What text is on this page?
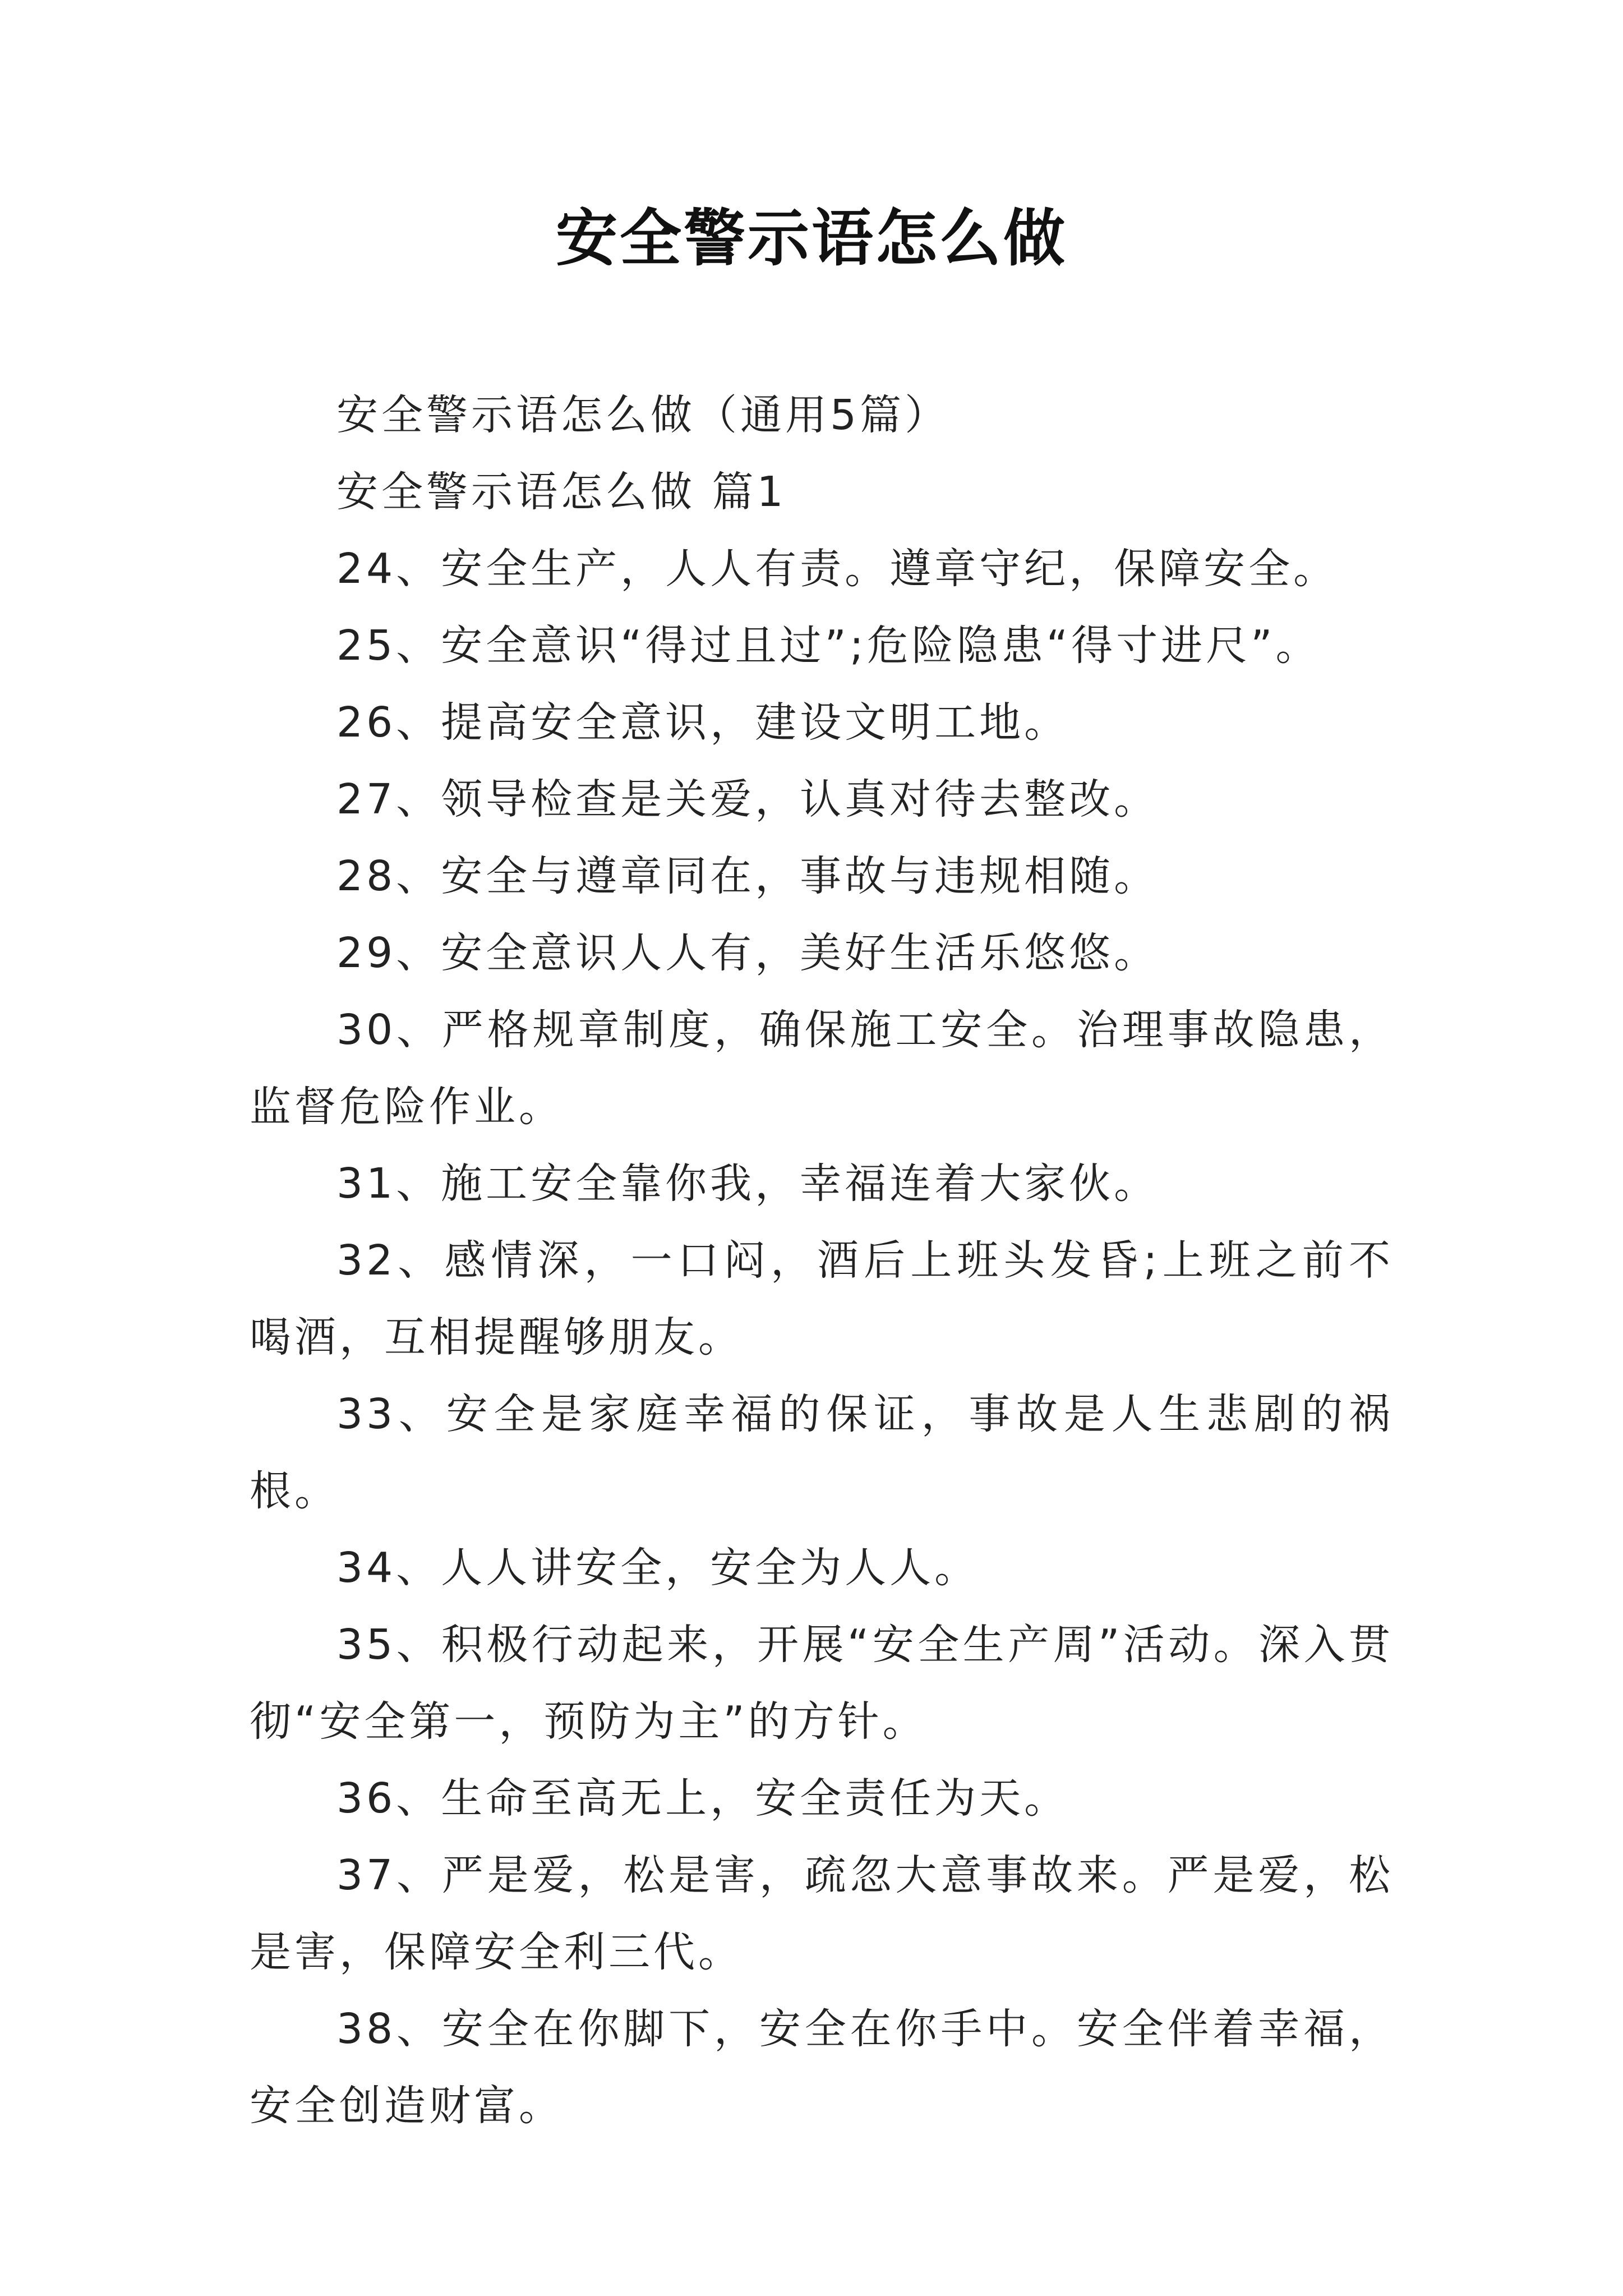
安全警示语怎么做

安全警示语怎么做（通用5篇）

安全警示语怎么做 篇1

24、安全生产，人人有责。遵章守纪，保障安全。

25、安全意识“得过且过”;危险隐患“得寸进尺”。

26、提高安全意识，建设文明工地。

27、领导检查是关爱，认真对待去整改。

28、安全与遵章同在，事故与违规相随。

29、安全意识人人有，美好生活乐悠悠。

30、严格规章制度，确保施工安全。治理事故隐患，监督危险作业。

31、施工安全靠你我，幸福连着大家伙。

32、感情深，一口闷，酒后上班头发昏;上班之前不喝酒，互相提醒够朋友。

33、安全是家庭幸福的保证，事故是人生悲剧的祸根。

34、人人讲安全，安全为人人。

35、积极行动起来，开展“安全生产周”活动。深入贯彻“安全第一，预防为主”的方针。

36、生命至高无上，安全责任为天。

37、严是爱，松是害，疏忽大意事故来。严是爱，松是害，保障安全利三代。

38、安全在你脚下，安全在你手中。安全伴着幸福，安全创造财富。
